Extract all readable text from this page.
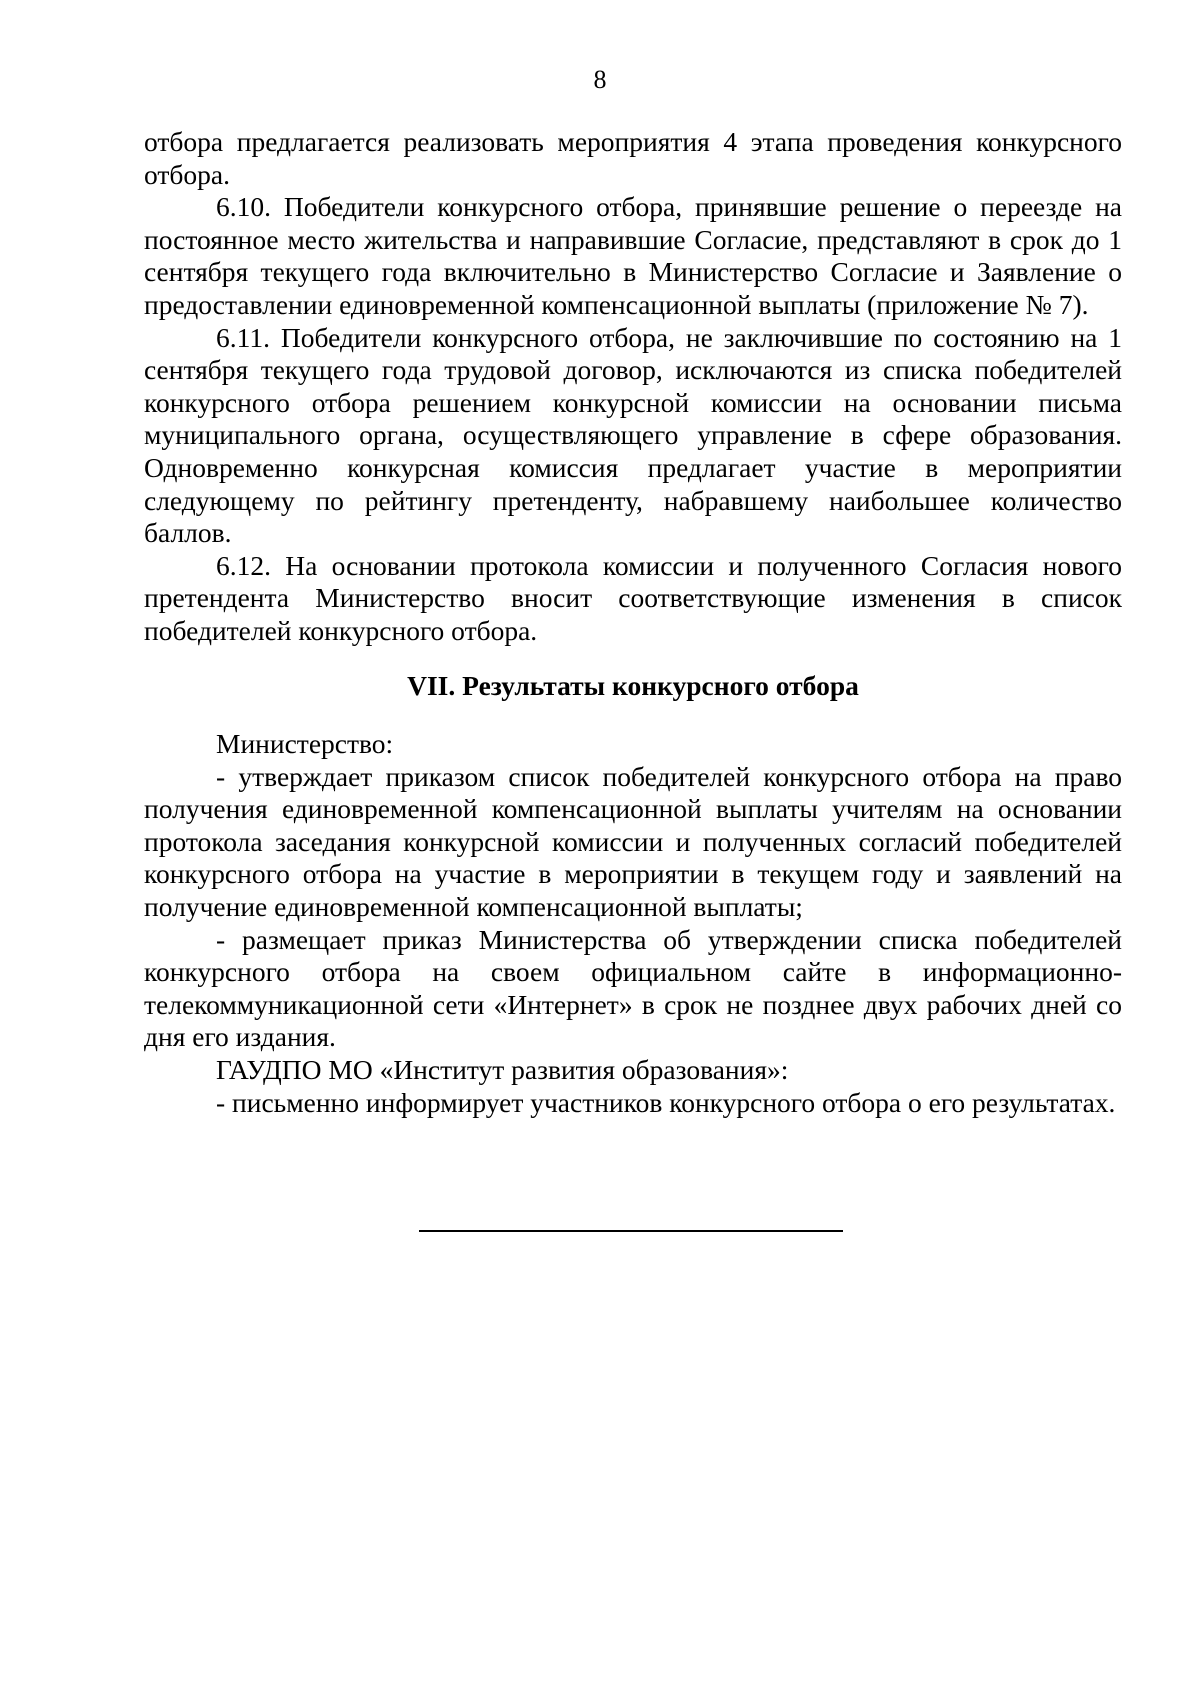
8

отбора предлагается реализовать мероприятия 4 этапа проведения конкурсного отбора.

6.10. Победители конкурсного отбора, принявшие решение о переезде на постоянное место жительства и направившие Согласие, представляют в срок до 1 сентября текущего года включительно в Министерство Согласие и Заявление о предоставлении единовременной компенсационной выплаты (приложение № 7).

6.11. Победители конкурсного отбора, не заключившие по состоянию на 1 сентября текущего года трудовой договор, исключаются из списка победителей конкурсного отбора решением конкурсной комиссии на основании письма муниципального органа, осуществляющего управление в сфере образования. Одновременно конкурсная комиссия предлагает участие в мероприятии следующему по рейтингу претенденту, набравшему наибольшее количество баллов.

6.12. На основании протокола комиссии и полученного Согласия нового претендента Министерство вносит соответствующие изменения в список победителей конкурсного отбора.

VII. Результаты конкурсного отбора

Министерство:

- утверждает приказом список победителей конкурсного отбора на право получения единовременной компенсационной выплаты учителям на основании протокола заседания конкурсной комиссии и полученных согласий победителей конкурсного отбора на участие в мероприятии в текущем году и заявлений на получение единовременной компенсационной выплаты;

- размещает приказ Министерства об утверждении списка победителей конкурсного отбора на своем официальном сайте в информационно-телекоммуникационной сети «Интернет» в срок не позднее двух рабочих дней со дня его издания.

ГАУДПО МО «Институт развития образования»:

- письменно информирует участников конкурсного отбора о его результатах.
